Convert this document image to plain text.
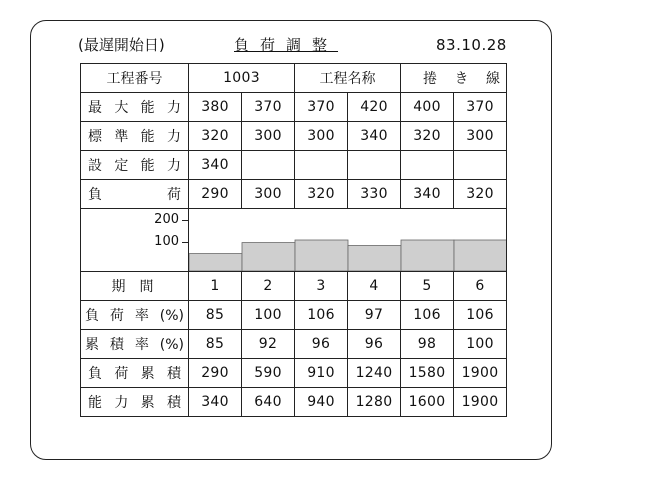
(最遅開始日)	負荷調整	83.10.28
工程番号	1003		工程名称		捲き線	
最大能力	380	370	370	420	400	370
標準能力	320	300	300	340	320	300
設定能力	340					
負荷	290	300	320	330	340	320

200
100

期間	1	2	3	4	5	6
負荷率(%)	85	100	106	97	106	106
累積率(%)	85	92	96	96	98	100
負荷累積	290	590	910	1240	1580	1900
能力累積	340	640	940	1280	1600	1900
